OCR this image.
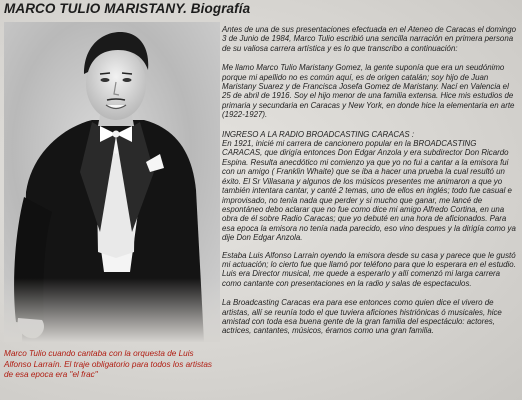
MARCO TULIO MARISTANY. Biografía

Marco Tulio cuando cantaba con la orquesta de Luis Alfonso Larraín. El traje obligatorio para todos los artistas de esa epoca era "el frac"

Antes de una de sus presentaciones efectuada en el Ateneo de Caracas el domingo 3 de Junio de 1984, Marco Tulio escribió una sencilla narración en primera persona de su valiosa carrera artística y es lo que transcribo a continuación:

Me llamo Marco Tulio Maristany Gomez, la gente suponía que era un seudónimo porque mi apellido no es común aquí, es de origen catalán; soy hijo de Juan Maristany Suarez y de Francisca Josefa Gomez de Maristany. Nací en Valencia el 25 de abril de 1916. Soy el hijo menor de una familia extensa. Hice mis estudios de primaria y secundaria en Caracas y New York, en donde hice la elementaria en arte (1922-1927).

INGRESO A LA RADIO BROADCASTING CARACAS :
En 1921, inicié mi carrera de cancionero popular en la BROADCASTING CARACAS, que dirigía entonces Don Edgar Anzola y era subdirector Don Ricardo Espina. Resulta anecdótico mi comienzo ya que yo no fui a cantar a la emisora fui con un amigo ( Franklin Whaite) que se iba a hacer una prueba la cual resultó un éxito. El Sr Villasana y algunos de los músicos presentes me animaron a que yo también intentara cantar, y canté 2 temas, uno de ellos en inglés; todo fue casual e improvisado, no tenía nada que perder y si mucho que ganar, me lancé de espontáneo debo aclarar que no fue como dice mi amigo Alfredo Cortina, en una obra de él sobre Radio Caracas; que yo debuté en una hora de aficionados. Para esa epoca la emisora no tenía nada parecido, eso vino despues y la dirigía como ya dije Don Edgar Anzola.

Estaba Luis Alfonso Larrain oyendo la emisora desde su casa y parece que le gustó mi actuación; lo cierto fue que llamó por teléfono para que lo esperara en el estudio. Luis era Director musical, me quede a esperarlo y allí comenzó mi larga carrera como cantante con presentaciones en la radio y salas de espectaculos.

La Broadcasting Caracas era para ese entonces como quien dice el vivero de artistas, allí se reunía todo el que tuviera aficiones histriónicas ó musicales, hice amistad con toda esa buena gente de la gran familia del espectáculo: actores, actrices, cantantes, músicos, éramos como una gran familia.
